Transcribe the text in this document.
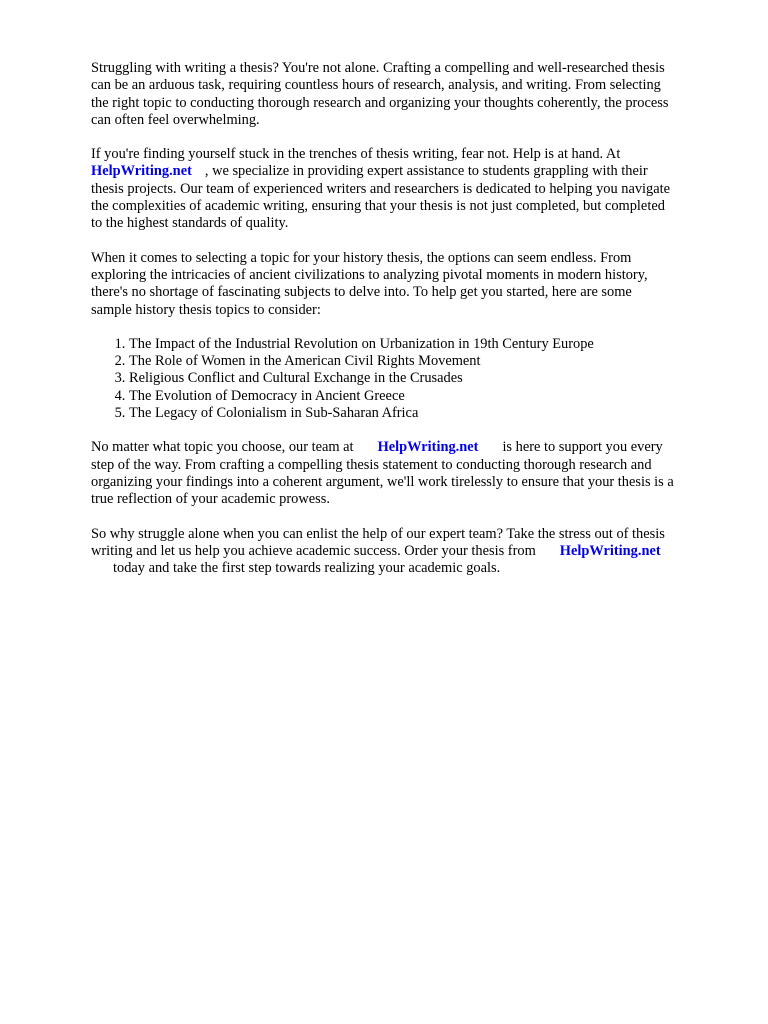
Struggling with writing a thesis? You're not alone. Crafting a compelling and well-researched thesis
can be an arduous task, requiring countless hours of research, analysis, and writing. From selecting
the right topic to conducting thorough research and organizing your thoughts coherently, the process
can often feel overwhelming.

If you're finding yourself stuck in the trenches of thesis writing, fear not. Help is at hand. At
HelpWriting.net , we specialize in providing expert assistance to students grappling with their
thesis projects. Our team of experienced writers and researchers is dedicated to helping you navigate
the complexities of academic writing, ensuring that your thesis is not just completed, but completed
to the highest standards of quality.

When it comes to selecting a topic for your history thesis, the options can seem endless. From
exploring the intricacies of ancient civilizations to analyzing pivotal moments in modern history,
there's no shortage of fascinating subjects to delve into. To help get you started, here are some
sample history thesis topics to consider:

1. The Impact of the Industrial Revolution on Urbanization in 19th Century Europe
2. The Role of Women in the American Civil Rights Movement
3. Religious Conflict and Cultural Exchange in the Crusades
4. The Evolution of Democracy in Ancient Greece
5. The Legacy of Colonialism in Sub-Saharan Africa

No matter what topic you choose, our team at HelpWriting.net is here to support you every
step of the way. From crafting a compelling thesis statement to conducting thorough research and
organizing your findings into a coherent argument, we'll work tirelessly to ensure that your thesis is a
true reflection of your academic prowess.

So why struggle alone when you can enlist the help of our expert team? Take the stress out of thesis
writing and let us help you achieve academic success. Order your thesis from HelpWriting.net
today and take the first step towards realizing your academic goals.
